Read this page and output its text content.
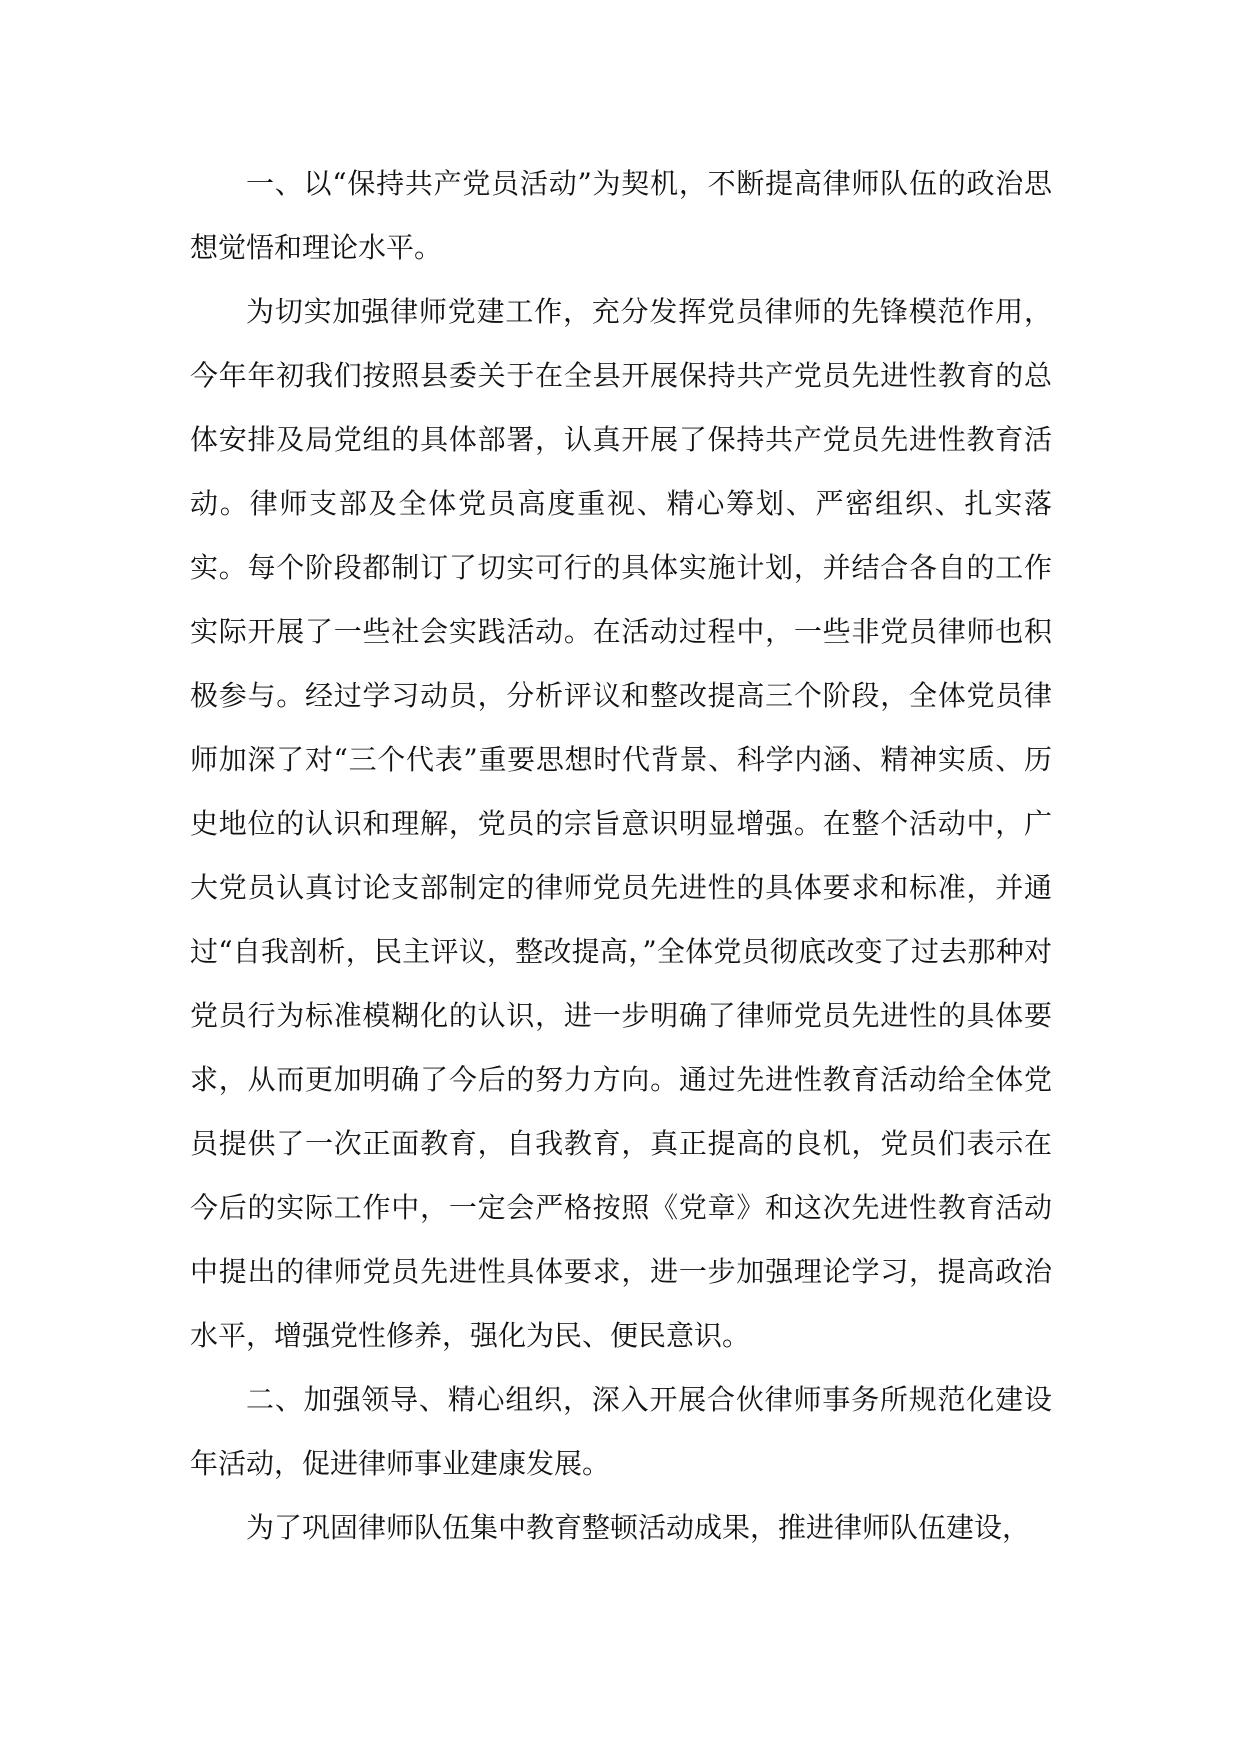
一、以“保持共产党员活动”为契机，不断提高律师队伍的政治思想觉悟和理论水平。

为切实加强律师党建工作，充分发挥党员律师的先锋模范作用，今年年初我们按照县委关于在全县开展保持共产党员先进性教育的总体安排及局党组的具体部署，认真开展了保持共产党员先进性教育活动。律师支部及全体党员高度重视、精心筹划、严密组织、扎实落实。每个阶段都制订了切实可行的具体实施计划，并结合各自的工作实际开展了一些社会实践活动。在活动过程中，一些非党员律师也积极参与。经过学习动员，分析评议和整改提高三个阶段，全体党员律师加深了对“三个代表”重要思想时代背景、科学内涵、精神实质、历史地位的认识和理解，党员的宗旨意识明显增强。在整个活动中，广大党员认真讨论支部制定的律师党员先进性的具体要求和标准，并通过“自我剖析，民主评议，整改提高，”全体党员彻底改变了过去那种对党员行为标准模糊化的认识，进一步明确了律师党员先进性的具体要求，从而更加明确了今后的努力方向。通过先进性教育活动给全体党员提供了一次正面教育，自我教育，真正提高的良机，党员们表示在今后的实际工作中，一定会严格按照《党章》和这次先进性教育活动中提出的律师党员先进性具体要求，进一步加强理论学习，提高政治水平，增强党性修养，强化为民、便民意识。

二、加强领导、精心组织，深入开展合伙律师事务所规范化建设年活动，促进律师事业建康发展。

为了巩固律师队伍集中教育整顿活动成果，推进律师队伍建设，
